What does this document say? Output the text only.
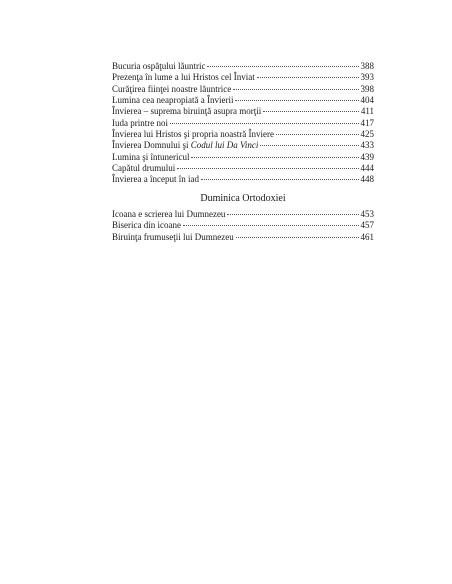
Bucuria ospăţului lăuntric	388
Prezenţa în lume a lui Hristos cel Înviat	393
Curăţirea fiinţei noastre lăuntrice	398
Lumina cea neapropiată a Învierii	404
Învierea – suprema biruinţă asupra morţii	411
Iuda printre noi	417
Învierea lui Hristos şi propria noastră Înviere	425
Învierea Domnului şi Codul lui Da Vinci	433
Lumina şi întunericul	439
Capătul drumului	444
Învierea a început în iad	448
Duminica Ortodoxiei
Icoana e scrierea lui Dumnezeu	453
Biserica din icoane	457
Biruinţa frumuseţii lui Dumnezeu	461
